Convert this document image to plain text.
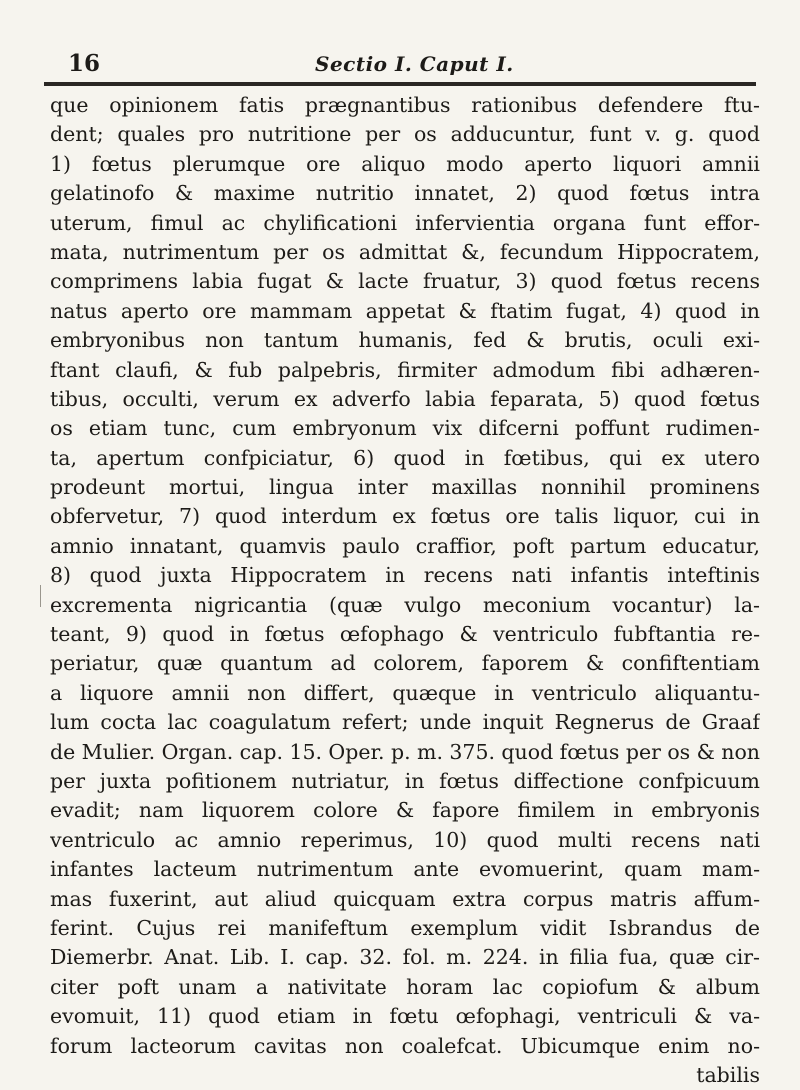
16	Sectio I. Caput I.
que opinionem fatis prægnantibus rationibus defendere ftu-
dent; quales pro nutritione per os adducuntur, funt v. g. quod
1) fœtus plerumque ore aliquo modo aperto liquori amnii
gelatinofo & maxime nutritio innatet, 2) quod fœtus intra
uterum, fimul ac chylificationi infervientia organa funt effor-
mata, nutrimentum per os admittat &, fecundum Hippocratem,
comprimens labia fugat & lacte fruatur, 3) quod fœtus recens
natus aperto ore mammam appetat & ftatim fugat, 4) quod in
embryonibus non tantum humanis, fed & brutis, oculi exi-
ftant claufi, & fub palpebris, firmiter admodum fibi adhæren-
tibus, occulti, verum ex adverfo labia feparata, 5) quod fœtus
os etiam tunc, cum embryonum vix difcerni poffunt rudimen-
ta, apertum confpiciatur, 6) quod in fœtibus, qui ex utero
prodeunt mortui, lingua inter maxillas nonnihil prominens
obfervetur, 7) quod interdum ex fœtus ore talis liquor, cui in
amnio innatant, quamvis paulo craffior, poft partum educatur,
8) quod juxta Hippocratem in recens nati infantis inteftinis
excrementa nigricantia (quæ vulgo meconium vocantur) la-
teant, 9) quod in fœtus œfophago & ventriculo fubftantia re-
periatur, quæ quantum ad colorem, faporem & confiftentiam
a liquore amnii non differt, quæque in ventriculo aliquantu-
lum cocta lac coagulatum refert; unde inquit Regnerus de Graaf
de Mulier. Organ. cap. 15. Oper. p. m. 375. quod fœtus per os & non
per juxta pofitionem nutriatur, in fœtus diffectione confpicuum
evadit; nam liquorem colore & fapore fimilem in embryonis
ventriculo ac amnio reperimus, 10) quod multi recens nati
infantes lacteum nutrimentum ante evomuerint, quam mam-
mas fuxerint, aut aliud quicquam extra corpus matris affum-
ferint. Cujus rei manifeftum exemplum vidit Isbrandus de
Diemerbr. Anat. Lib. I. cap. 32. fol. m. 224. in filia fua, quæ cir-
citer poft unam a nativitate horam lac copiofum & album
evomuit, 11) quod etiam in fœtu œfophagi, ventriculi & va-
forum lacteorum cavitas non coalefcat. Ubicumque enim no-
tabilis
